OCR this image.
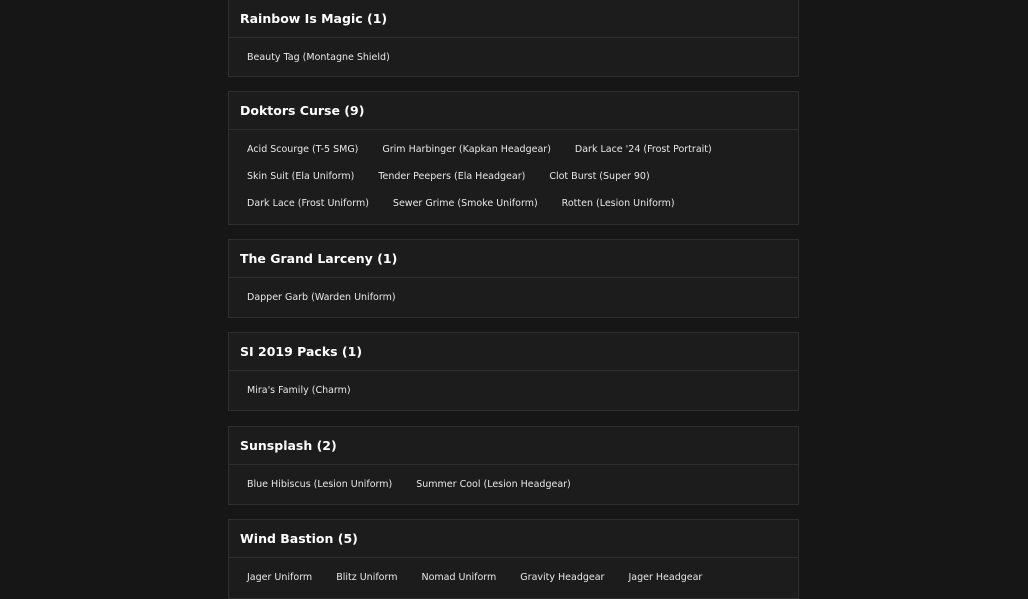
Rainbow Is Magic (1)
Beauty Tag (Montagne Shield)
Doktors Curse (9)
Acid Scourge (T-5 SMG)	Grim Harbinger (Kapkan Headgear)	Dark Lace '24 (Frost Portrait)
Skin Suit (Ela Uniform)	Tender Peepers (Ela Headgear)	Clot Burst (Super 90)
Dark Lace (Frost Uniform)	Sewer Grime (Smoke Uniform)	Rotten (Lesion Uniform)
The Grand Larceny (1)
Dapper Garb (Warden Uniform)
SI 2019 Packs (1)
Mira's Family (Charm)
Sunsplash (2)
Blue Hibiscus (Lesion Uniform)	Summer Cool (Lesion Headgear)
Wind Bastion (5)
Jager Uniform	Blitz Uniform	Nomad Uniform	Gravity Headgear	Jager Headgear
